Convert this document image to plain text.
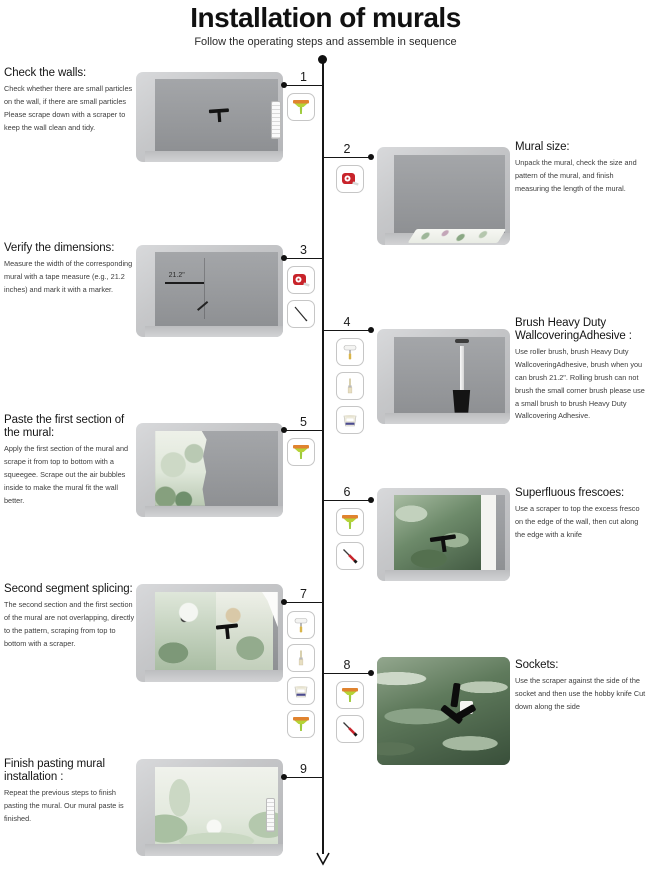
Installation of murals
Follow the operating steps and assemble in sequence
Check the walls:

Check whether there are small particles on the wall, if there are small particles Please scrape down with a scraper to keep the wall clean and tidy.

1
2	Mural size:

Unpack the mural, check the size and pattern of the mural, and finish measuring the length of the mural.

Verify the dimensions:

Measure the width of the corresponding mural with a tape measure (e.g., 21.2 inches) and mark it with a marker.

21.2"
3
4	Brush Heavy Duty WallcoveringAdhesive :

Use roller brush, brush Heavy Duty WallcoveringAdhesive, brush when you can brush 21.2". Rolling brush can not brush the small corner brush please use a small brush to brush Heavy Duty Wallcovering Adhesive.

Paste the first section of the mural:

Apply the first section of the mural and scrape it from top to bottom with a squeegee. Scrape out the air bubbles inside to make the mural fit the wall better.

5
6	Superfluous frescoes:

Use a scraper to top the excess fresco on the edge of the wall, then cut along the edge with a knife

Second segment splicing:

The second section and the first section of the mural are not overlapping, directly to the pattern, scraping from top to bottom with a scraper.

7
8	Sockets:

Use the scraper against the side of the socket and then use the hobby knife Cut down along the side

Finish pasting mural installation :

Repeat the previous steps to finish pasting the mural. Our mural paste is finished.

9
